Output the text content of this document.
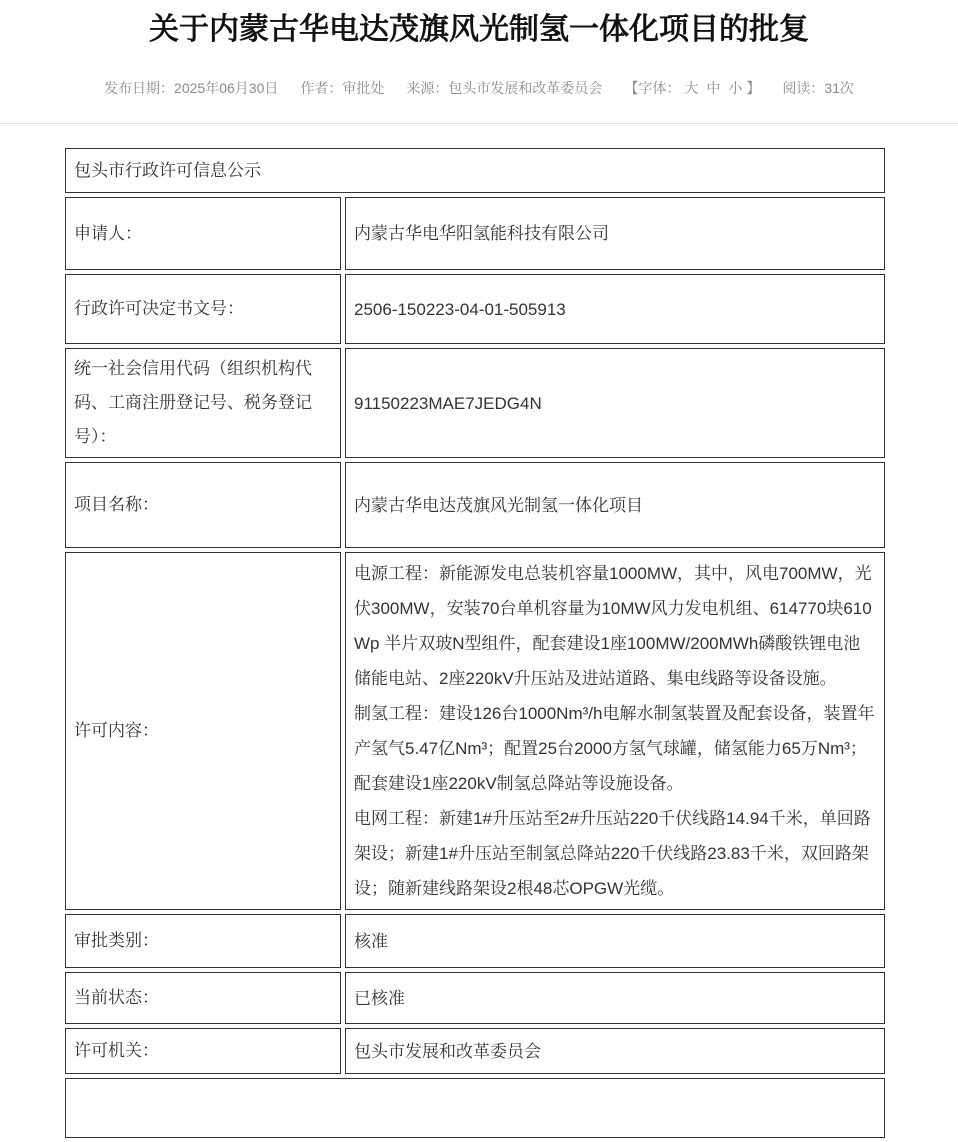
关于内蒙古华电达茂旗风光制氢一体化项目的批复
发布日期：2025年06月30日 作者：审批处 来源：包头市发展和改革委员会 【字体： 大 中 小 】 阅读：31次
包头市行政许可信息公示	
申请人：	内蒙古华电华阳氢能科技有限公司

行政许可决定书文号：	2506-150223-04-01-505913

统一社会信用代码（组织机构代码、工商注册登记号、税务登记号）：	91150223MAE7JEDG4N

项目名称：	内蒙古华电达茂旗风光制氢一体化项目

许可内容：	电源工程：新能源发电总装机容量1000MW，其中，风电700MW，光伏300MW，安装70台单机容量为10MW风力发电机组、614770块610Wp 半片双玻N型组件，配套建设1座100MW/200MWh磷酸铁锂电池储能电站、2座220kV升压站及进站道路、集电线路等设备设施。
制氢工程：建设126台1000Nm³/h电解水制氢装置及配套设备，装置年产氢气5.47亿Nm³；配置25台2000方氢气球罐，储氢能力65万Nm³；配套建设1座220kV制氢总降站等设施设备。
电网工程：新建1#升压站至2#升压站220千伏线路14.94千米，单回路架设；新建1#升压站至制氢总降站220千伏线路23.83千米，双回路架设；随新建线路架设2根48芯OPGW光缆。

审批类别：	核准

当前状态：	已核准

许可机关：	包头市发展和改革委员会
